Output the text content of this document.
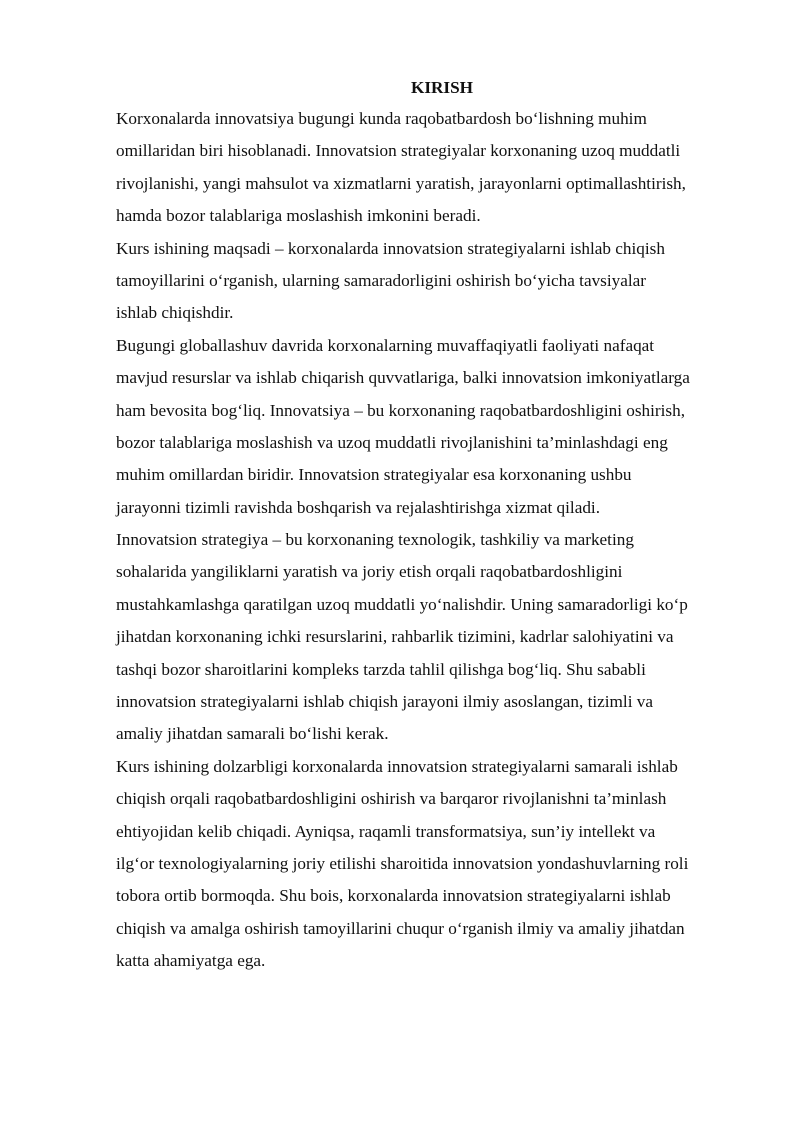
KIRISH
Korxonalarda innovatsiya bugungi kunda raqobatbardosh bo‘lishning muhim
omillaridan biri hisoblanadi. Innovatsion strategiyalar korxonaning uzoq muddatli
rivojlanishi, yangi mahsulot va xizmatlarni yaratish, jarayonlarni optimallashtirish,
hamda bozor talablariga moslashish imkonini beradi.
Kurs ishining maqsadi – korxonalarda innovatsion strategiyalarni ishlab chiqish
tamoyillarini o‘rganish, ularning samaradorligini oshirish bo‘yicha tavsiyalar
ishlab chiqishdir.
Bugungi globallashuv davrida korxonalarning muvaffaqiyatli faoliyati nafaqat
mavjud resurslar va ishlab chiqarish quvvatlariga, balki innovatsion imkoniyatlarga
ham bevosita bog‘liq. Innovatsiya – bu korxonaning raqobatbardoshligini oshirish,
bozor talablariga moslashish va uzoq muddatli rivojlanishini ta’minlashdagi eng
muhim omillardan biridir. Innovatsion strategiyalar esa korxonaning ushbu
jarayonni tizimli ravishda boshqarish va rejalashtirishga xizmat qiladi.
Innovatsion strategiya – bu korxonaning texnologik, tashkiliy va marketing
sohalarida yangiliklarni yaratish va joriy etish orqali raqobatbardoshligini
mustahkamlashga qaratilgan uzoq muddatli yo‘nalishdir. Uning samaradorligi ko‘p
jihatdan korxonaning ichki resurslarini, rahbarlik tizimini, kadrlar salohiyatini va
tashqi bozor sharoitlarini kompleks tarzda tahlil qilishga bog‘liq. Shu sababli
innovatsion strategiyalarni ishlab chiqish jarayoni ilmiy asoslangan, tizimli va
amaliy jihatdan samarali bo‘lishi kerak.
Kurs ishining dolzarbligi korxonalarda innovatsion strategiyalarni samarali ishlab
chiqish orqali raqobatbardoshligini oshirish va barqaror rivojlanishni ta’minlash
ehtiyojidan kelib chiqadi. Ayniqsa, raqamli transformatsiya, sun’iy intellekt va
ilg‘or texnologiyalarning joriy etilishi sharoitida innovatsion yondashuvlarning roli
tobora ortib bormoqda. Shu bois, korxonalarda innovatsion strategiyalarni ishlab
chiqish va amalga oshirish tamoyillarini chuqur o‘rganish ilmiy va amaliy jihatdan
katta ahamiyatga ega.
